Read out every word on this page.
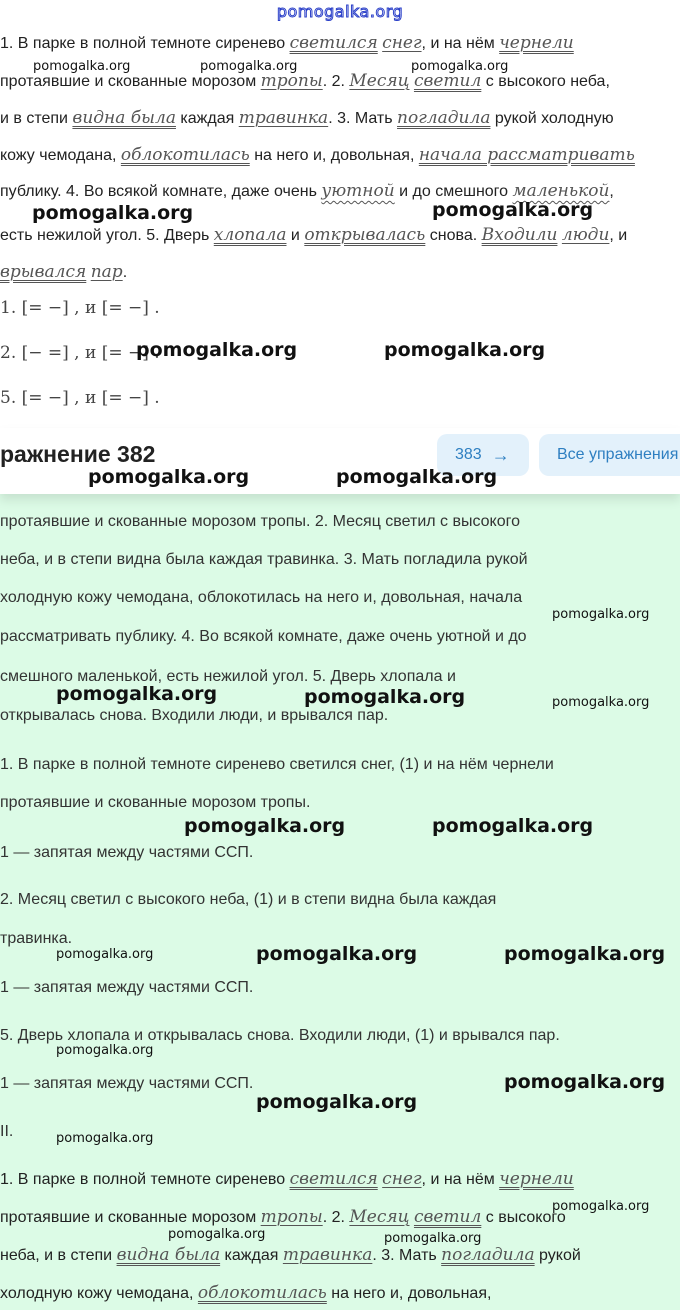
pomogalka.org
1. В парке в полной темноте сиренево светился снег, и на нём чернели
протаявшие и скованные морозом тропы. 2. Месяц светил с высокого неба,
и в степи видна была каждая травинка. 3. Мать погладила рукой холодную
кожу чемодана, облокотилась на него и, довольная, начала рассматривать
публику. 4. Во всякой комнате, даже очень уютной и до смешного маленькой,
есть нежилой угол. 5. Дверь хлопала и открывалась снова. Входили люди, и
врывался пар.
1. [= −] , и [= −] .
2. [− =] , и [= −] .
5. [= −] , и [= −] .
ражнение 382	383 →	Все упражнения
протаявшие и скованные морозом тропы. 2. Месяц светил с высокого
неба, и в степи видна была каждая травинка. 3. Мать погладила рукой
холодную кожу чемодана, облокотилась на него и, довольная, начала
рассматривать публику. 4. Во всякой комнате, даже очень уютной и до
смешного маленькой, есть нежилой угол. 5. Дверь хлопала и
открывалась снова. Входили люди, и врывался пар.
1. В парке в полной темноте сиренево светился снег, (1) и на нём чернели
протаявшие и скованные морозом тропы.
1 — запятая между частями ССП.
2. Месяц светил с высокого неба, (1) и в степи видна была каждая
травинка.
1 — запятая между частями ССП.
5. Дверь хлопала и открывалась снова. Входили люди, (1) и врывался пар.
1 — запятая между частями ССП.
II.
1. В парке в полной темноте сиренево светился снег, и на нём чернели
протаявшие и скованные морозом тропы. 2. Месяц светил с высокого
неба, и в степи видна была каждая травинка. 3. Мать погладила рукой
холодную кожу чемодана, облокотилась на него и, довольная,
pomogalka.org	pomogalka.org	pomogalka.org
pomogalka.org	pomogalka.org
pomogalka.org	pomogalka.org
pomogalka.org	pomogalka.org
pomogalka.org
pomogalka.org	pomogalka.org	pomogalka.org
pomogalka.org	pomogalka.org
pomogalka.org	pomogalka.org	pomogalka.org
pomogalka.org
pomogalka.org
pomogalka.org
pomogalka.org
pomogalka.org
pomogalka.org	pomogalka.org
